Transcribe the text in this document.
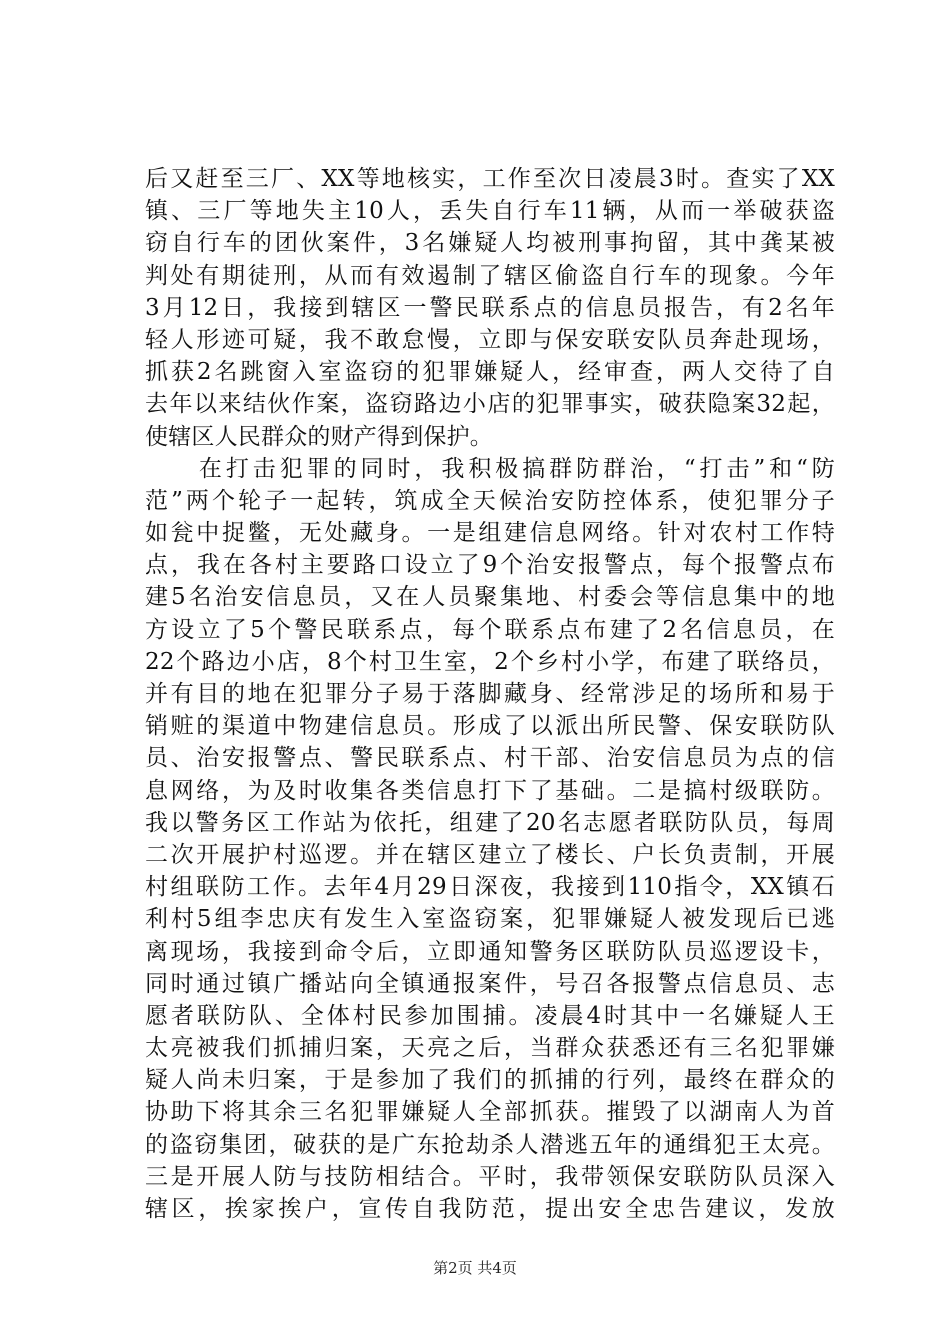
后又赶至三厂、XX等地核实，工作至次日凌晨3时。查实了XX
镇、三厂等地失主10人，丢失自行车11辆，从而一举破获盗
窃自行车的团伙案件，3名嫌疑人均被刑事拘留，其中龚某被
判处有期徒刑，从而有效遏制了辖区偷盗自行车的现象。今年
3月12日，我接到辖区一警民联系点的信息员报告，有2名年
轻人形迹可疑，我不敢怠慢，立即与保安联安队员奔赴现场，
抓获2名跳窗入室盗窃的犯罪嫌疑人，经审查，两人交待了自
去年以来结伙作案，盗窃路边小店的犯罪事实，破获隐案32起，
使辖区人民群众的财产得到保护。
　　在打击犯罪的同时，我积极搞群防群治，“打击”和“防
范”两个轮子一起转，筑成全天候治安防控体系，使犯罪分子
如瓮中捉鳖，无处藏身。一是组建信息网络。针对农村工作特
点，我在各村主要路口设立了9个治安报警点，每个报警点布
建5名治安信息员，又在人员聚集地、村委会等信息集中的地
方设立了5个警民联系点，每个联系点布建了2名信息员，在
22个路边小店，8个村卫生室，2个乡村小学，布建了联络员，
并有目的地在犯罪分子易于落脚藏身、经常涉足的场所和易于
销赃的渠道中物建信息员。形成了以派出所民警、保安联防队
员、治安报警点、警民联系点、村干部、治安信息员为点的信
息网络，为及时收集各类信息打下了基础。二是搞村级联防。
我以警务区工作站为依托，组建了20名志愿者联防队员，每周
二次开展护村巡逻。并在辖区建立了楼长、户长负责制，开展
村组联防工作。去年4月29日深夜，我接到110指令，XX镇石
利村5组李忠庆有发生入室盗窃案，犯罪嫌疑人被发现后已逃
离现场，我接到命令后，立即通知警务区联防队员巡逻设卡，
同时通过镇广播站向全镇通报案件，号召各报警点信息员、志
愿者联防队、全体村民参加围捕。凌晨4时其中一名嫌疑人王
太亮被我们抓捕归案，天亮之后，当群众获悉还有三名犯罪嫌
疑人尚未归案，于是参加了我们的抓捕的行列，最终在群众的
协助下将其余三名犯罪嫌疑人全部抓获。摧毁了以湖南人为首
的盗窃集团，破获的是广东抢劫杀人潜逃五年的通缉犯王太亮。
三是开展人防与技防相结合。平时，我带领保安联防队员深入
辖区，挨家挨户，宣传自我防范，提出安全忠告建议，发放
第2页 共4页
